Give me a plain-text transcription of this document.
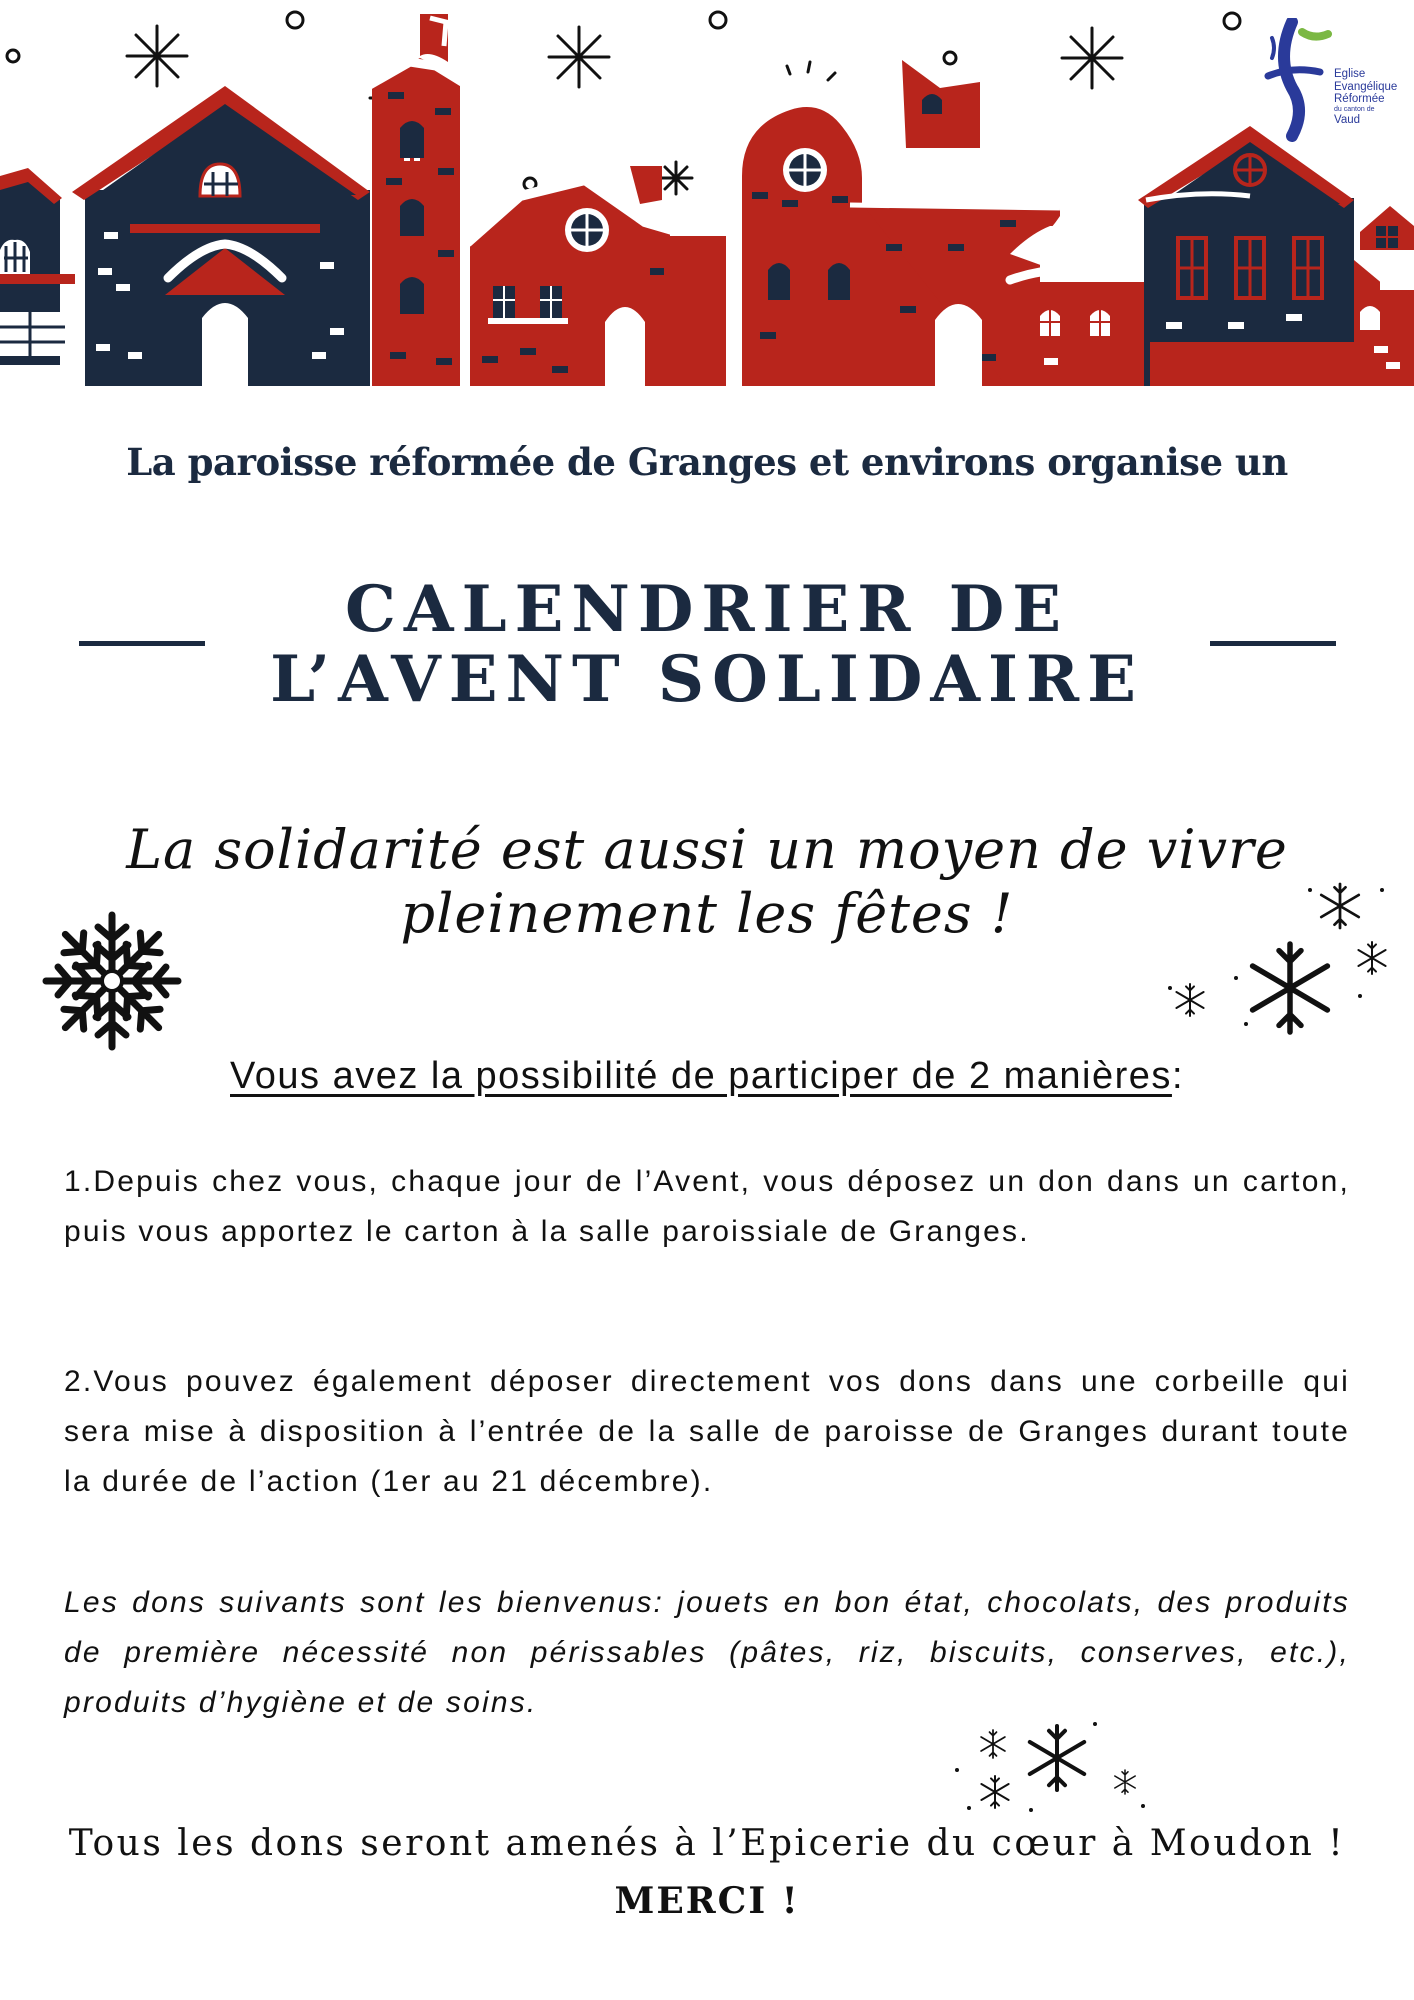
Eglise
Evangélique
Réformée
du canton de
Vaud
La paroisse réformée de Granges et environs organise un
CALENDRIER DE
L’AVENT SOLIDAIRE
La solidarité est aussi un moyen de vivre
pleinement les fêtes !
Vous avez la possibilité de participer de 2 manières:
1.Depuis chez vous, chaque jour de l’Avent, vous déposez un don dans un carton, puis vous apportez le carton à la salle paroissiale de Granges.
2.Vous pouvez également déposer directement vos dons dans une corbeille qui sera mise à disposition à l’entrée de la salle de paroisse de Granges durant toute la durée de l’action (1er au 21 décembre).
Les dons suivants sont les bienvenus: jouets en bon état, chocolats, des produits de première nécessité non périssables (pâtes, riz, biscuits, conserves, etc.), produits d’hygiène et de soins.
Tous les dons seront amenés à l’Epicerie du cœur à Moudon !
MERCI !
